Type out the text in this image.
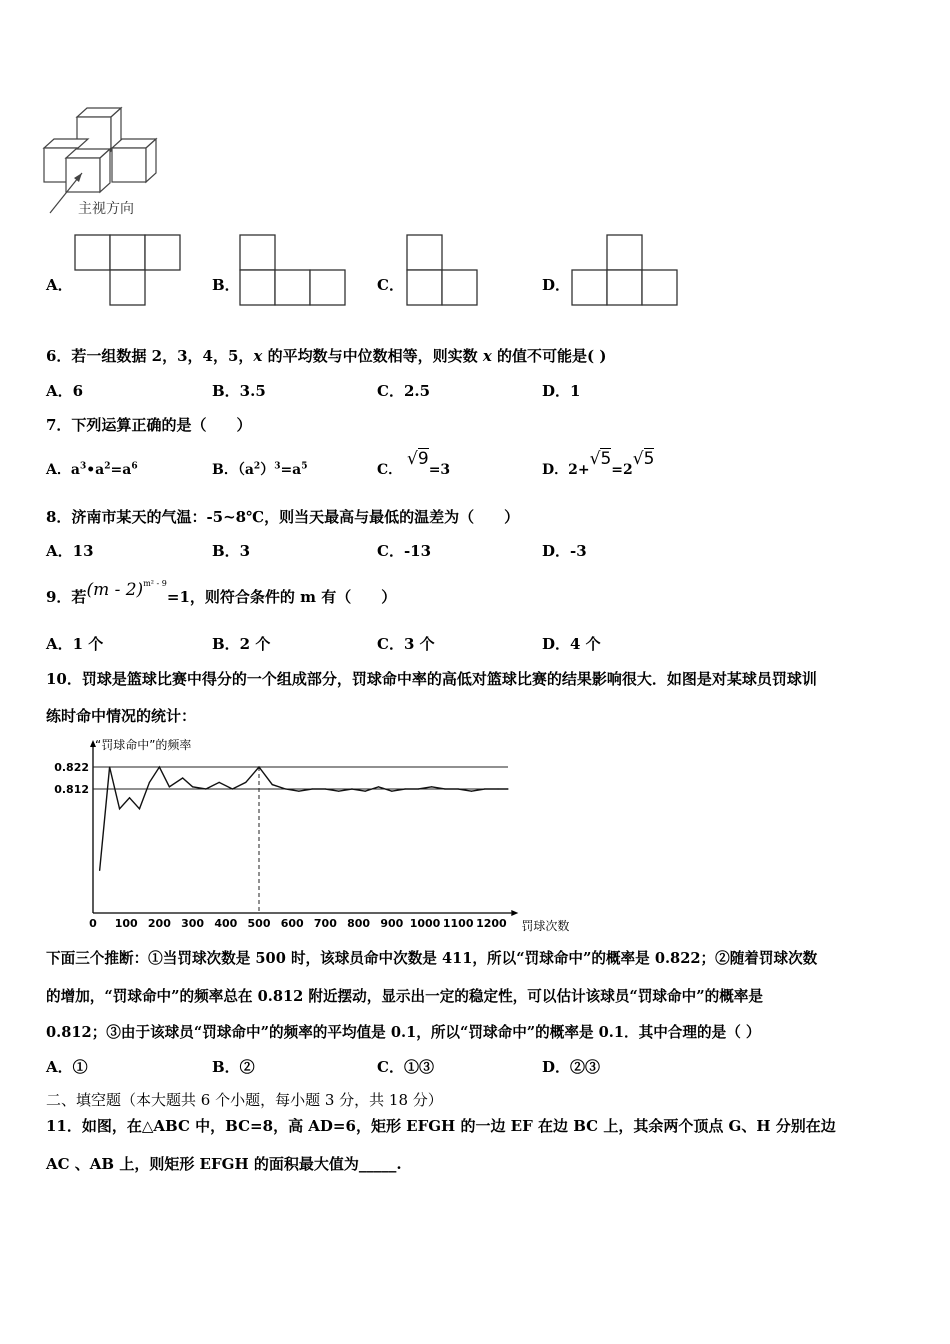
主视方向
A．	B．	C．	D．
6．若一组数据 2，3，4，5，x 的平均数与中位数相等，则实数 x 的值不可能是( )
A．6	B．3.5	C．2.5	D．1
7．下列运算正确的是（　　）
A．$a^3•a^2=a^6$	B．$(a^2)^3=a^5$	C． √9=3	D．2+√5=2√5
8．济南市某天的气温：-5~8℃，则当天最高与最低的温差为（　　）
A．13	B．3	C．-13	D．-3
9．若(m - 2)$^{m^2 - 9}$=1，则符合条件的 m 有（　　）
A．1 个	B．2 个	C．3 个	D．4 个
10．罚球是篮球比赛中得分的一个组成部分，罚球命中率的高低对篮球比赛的结果影响很大．如图是对某球员罚球训
练时命中情况的统计：
0.822
0.812
0 100 200 300 400 500 600 700 800 900 1000 1100 1200
“罚球命中”的频率
罚球次数
下面三个推断：①当罚球次数是 500 时，该球员命中次数是 411，所以“罚球命中”的概率是 0.822；②随着罚球次数
的增加，“罚球命中”的频率总在 0.812 附近摆动，显示出一定的稳定性，可以估计该球员“罚球命中”的概率是
0.812；③由于该球员“罚球命中”的频率的平均值是 0.1，所以“罚球命中”的概率是 0.1．其中合理的是（ ）
A．①	B．②	C．①③	D．②③
二、填空题（本大题共 6 个小题，每小题 3 分，共 18 分）
11．如图，在△ABC 中，BC=8，高 AD=6，矩形 EFGH 的一边 EF 在边 BC 上，其余两个顶点 G、H 分别在边
AC 、AB 上，则矩形 EFGH 的面积最大值为_____.
